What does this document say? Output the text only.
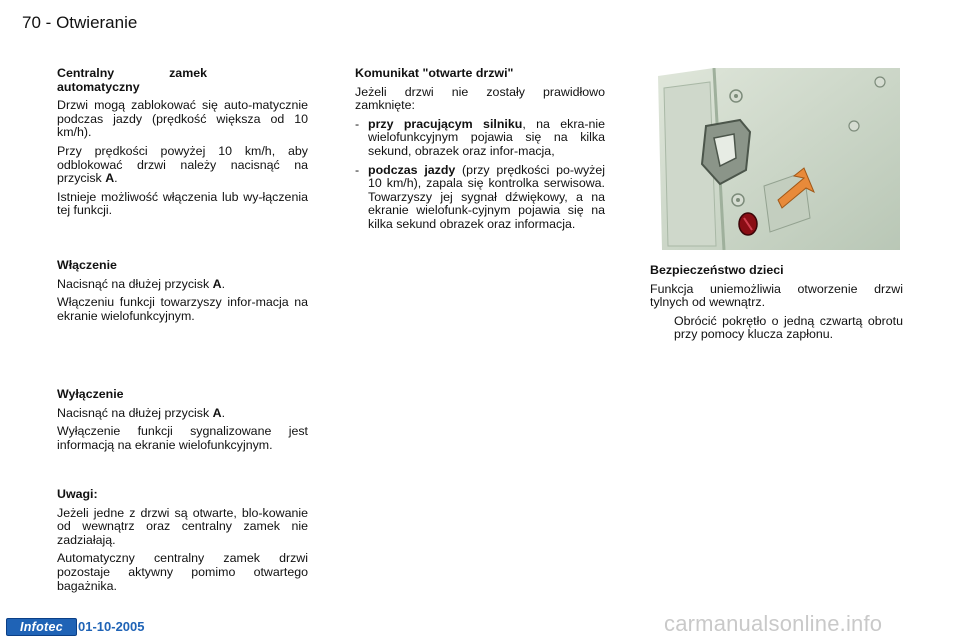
70 - Otwieranie
Centralny zamek automatyczny

Drzwi mogą zablokować się auto-matycznie podczas jazdy (prędkość większa od 10 km/h).

Przy prędkości powyżej 10 km/h, aby odblokować drzwi należy nacisnąć na przycisk A.

Istnieje możliwość włączenia lub wy-łączenia tej funkcji.

Włączenie

Nacisnąć na dłużej przycisk A.

Włączeniu funkcji towarzyszy infor-macja na ekranie wielofunkcyjnym.

Wyłączenie

Nacisnąć na dłużej przycisk A.

Wyłączenie funkcji sygnalizowane jest informacją na ekranie wielofunkcyjnym.

Uwagi:

Jeżeli jedne z drzwi są otwarte, blo-kowanie od wewnątrz oraz centralny zamek nie zadziałają.

Automatyczny centralny zamek drzwi pozostaje aktywny pomimo otwartego bagażnika.

Komunikat "otwarte drzwi"

Jeżeli drzwi nie zostały prawidłowo zamknięte:

- przy pracującym silniku, na ekra-nie wielofunkcyjnym pojawia się na kilka sekund, obrazek oraz infor-macja,
- podczas jazdy (przy prędkości po-wyżej 10 km/h), zapala się kontrolka serwisowa. Towarzyszy jej sygnał dźwiękowy, a na ekranie wielofunk-cyjnym pojawia się na kilka sekund obrazek oraz informacja.
Bezpieczeństwo dzieci

Funkcja uniemożliwia otworzenie drzwi tylnych od wewnątrz.

Obrócić pokrętło o jedną czwartą obrotu przy pomocy klucza zapłonu.
Infotec	01-10-2005	carmanualsonline.info
